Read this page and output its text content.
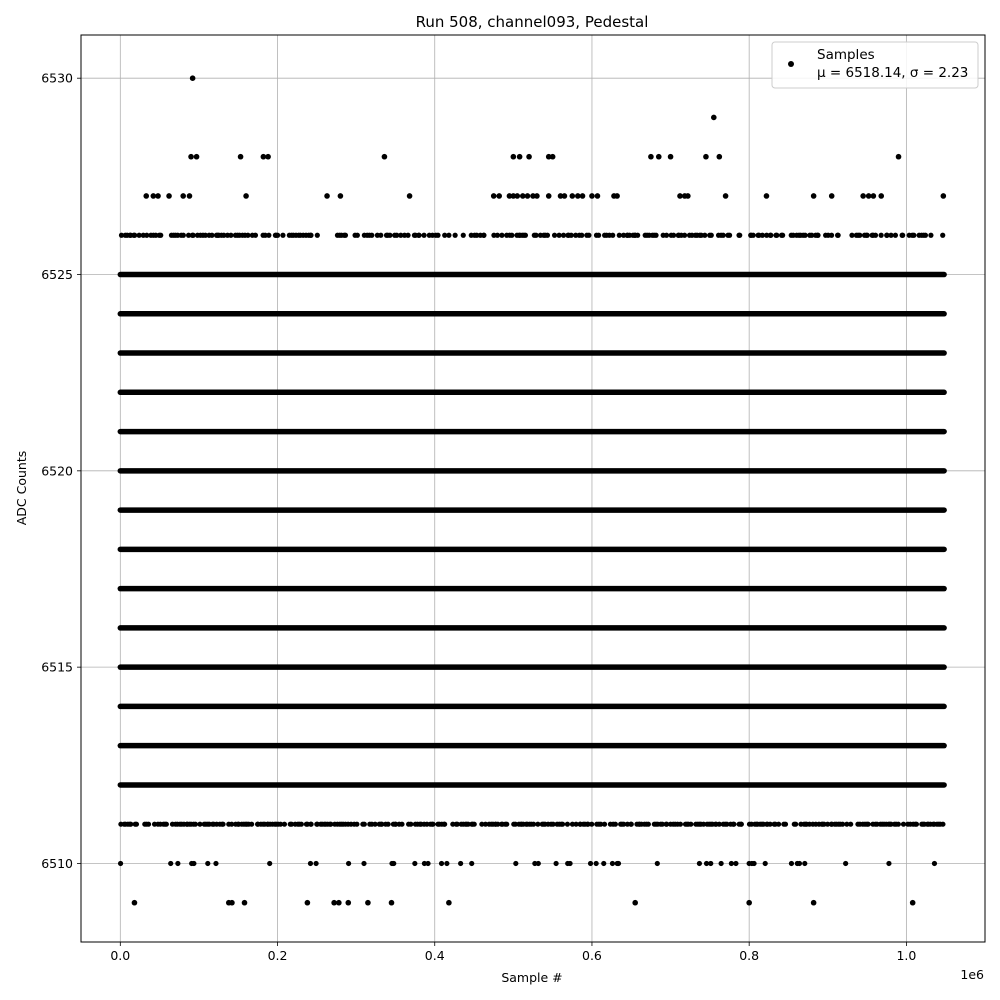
Run 508, channel093, Pedestal
0.0	0.2	0.4	0.6	0.8	1.0
6510
6515
6520
6525
6530
Sample #
ADC Counts
1e6
Samples
μ = 6518.14, σ = 2.23
